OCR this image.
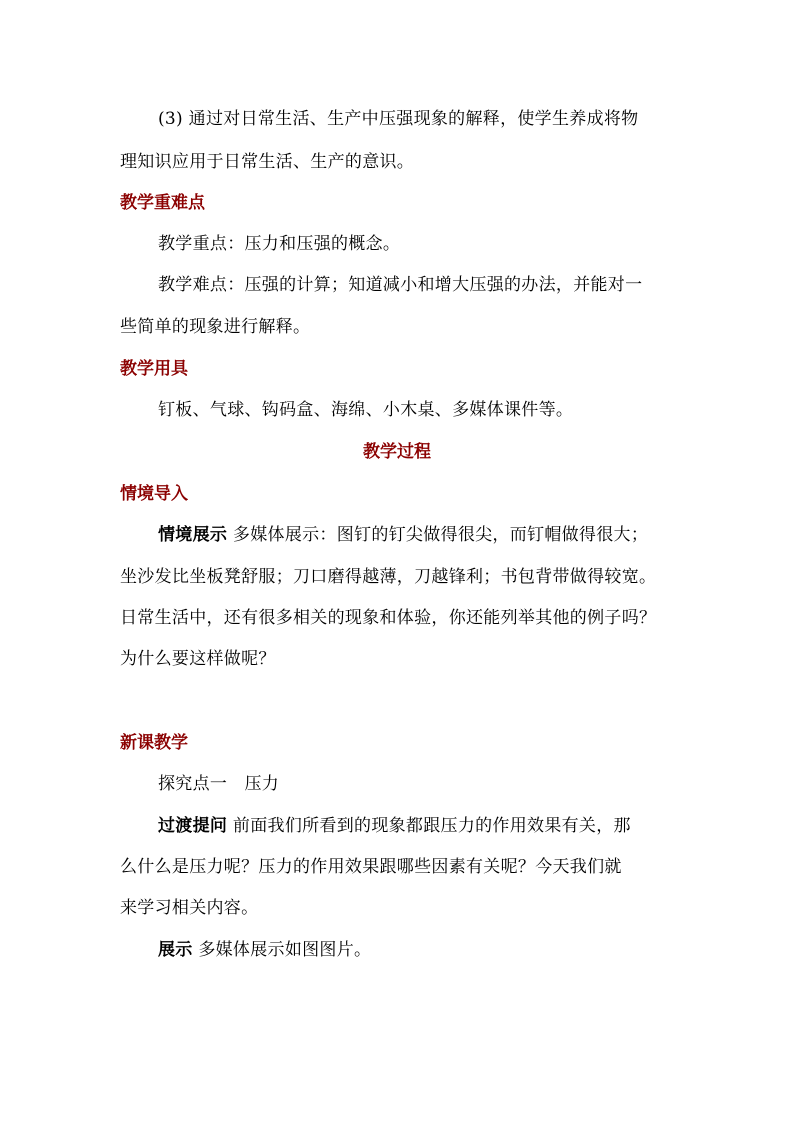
(3) 通过对日常生活、生产中压强现象的解释，使学生养成将物
理知识应用于日常生活、生产的意识。
教学重难点
教学重点：压力和压强的概念。
教学难点：压强的计算；知道减小和增大压强的办法，并能对一
些简单的现象进行解释。
教学用具
钉板、气球、钩码盒、海绵、小木桌、多媒体课件等。
教学过程
情境导入
情境展示 多媒体展示：图钉的钉尖做得很尖，而钉帽做得很大；
坐沙发比坐板凳舒服；刀口磨得越薄，刀越锋利；书包背带做得较宽。
日常生活中，还有很多相关的现象和体验，你还能列举其他的例子吗？
为什么要这样做呢？
新课教学
探究点一　压力
过渡提问 前面我们所看到的现象都跟压力的作用效果有关，那
么什么是压力呢？压力的作用效果跟哪些因素有关呢？今天我们就
来学习相关内容。
展示 多媒体展示如图图片。
